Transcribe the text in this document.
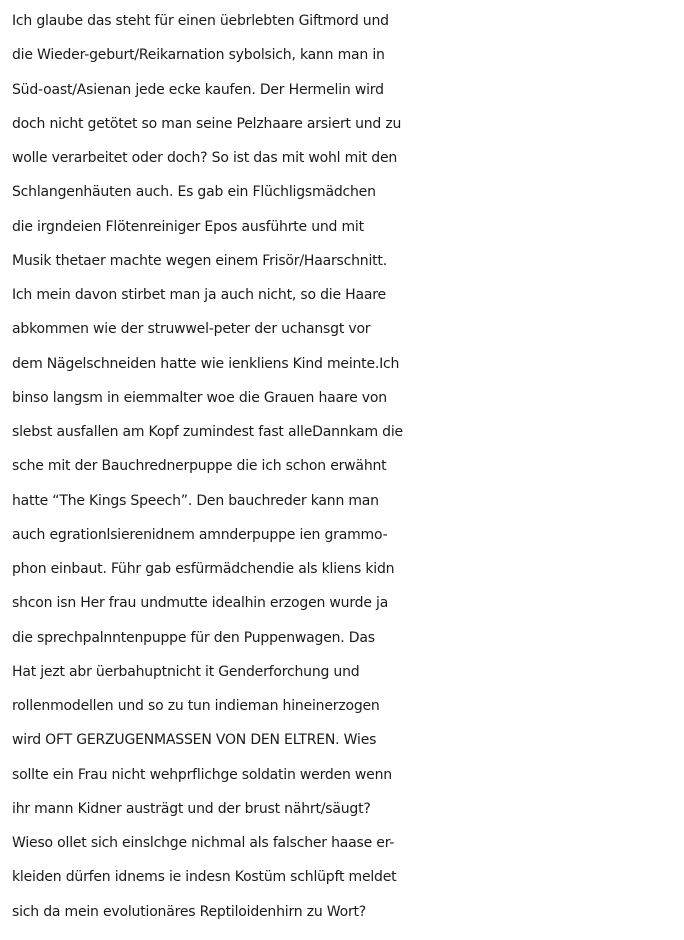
Ich glaube das steht für einen üebrlebten Giftmord und
die Wieder-geburt/Reikarnation sybolsich, kann man in
Süd-oast/Asienan jede ecke kaufen. Der Hermelin wird
doch nicht getötet so man seine Pelzhaare arsiert und zu
wolle verarbeitet oder doch? So ist das mit wohl mit den
Schlangenhäuten auch. Es gab ein Flüchligsmädchen
die irgndeien Flötenreiniger Epos ausführte und mit
Musik thetaer machte wegen einem Frisör/Haarschnitt.
Ich mein davon stirbet man ja auch nicht, so die Haare
abkommen wie der struwwel-peter der uchansgt vor
dem Nägelschneiden hatte wie ienkliens Kind meinte.Ich
binso langsm in eiemmalter woe die Grauen haare von
slebst ausfallen am Kopf zumindest fast alleDannkam die
sche mit der Bauchrednerpuppe die ich schon erwähnt
hatte “The Kings Speech”. Den bauchreder kann man
auch egrationlsierenidnem amnderpuppe ien grammo-
phon einbaut. Führ gab esfürmädchendie als kliens kidn
shcon isn Her frau undmutte idealhin erzogen wurde ja
die sprechpalnntenpuppe für den Puppenwagen. Das
Hat jezt abr üerbahuptnicht it Genderforchung und
rollenmodellen und so zu tun indieman hineinerzogen
wird OFT GERZUGENMASSEN VON DEN ELTREN. Wies
sollte ein Frau nicht wehprflichge soldatin werden wenn
ihr mann Kidner austrägt und der brust nährt/säugt?
Wieso ollet sich einslchge nichmal als falscher haase er-
kleiden dürfen idnems ie indesn Kostüm schlüpft meldet
sich da mein evolutionäres Reptiloidenhirn zu Wort?
